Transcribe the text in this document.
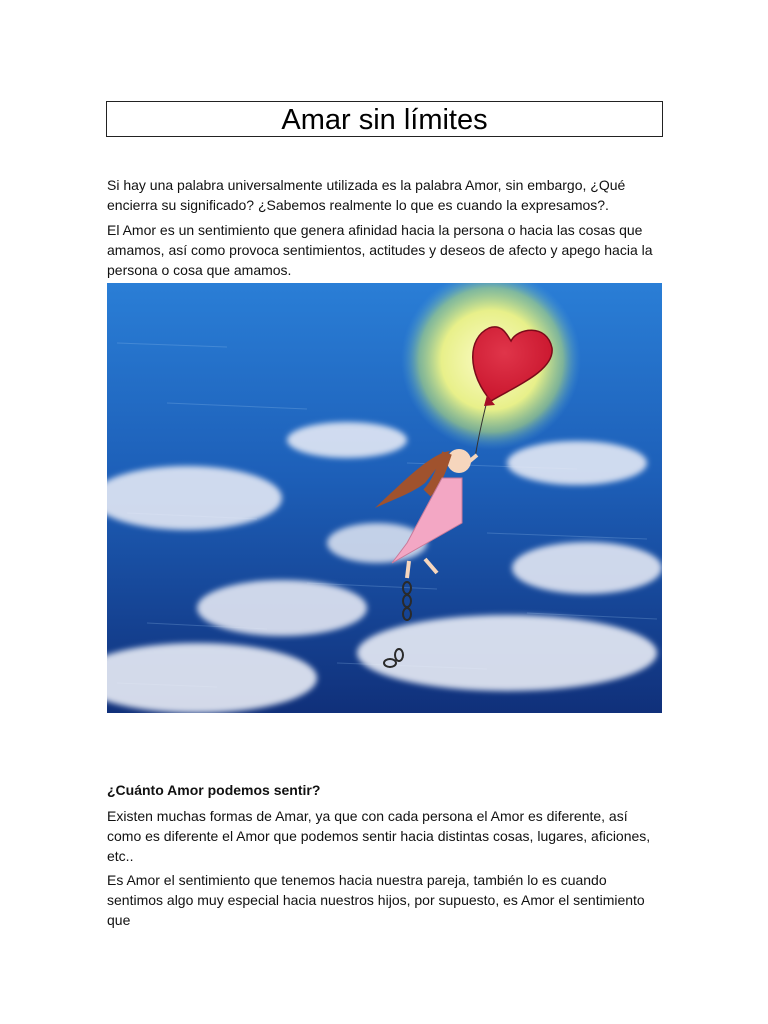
Amar sin límites

Si hay una palabra universalmente utilizada es la palabra Amor, sin embargo, ¿Qué encierra su significado? ¿Sabemos realmente lo que es cuando la expresamos?.

El Amor es un sentimiento que genera afinidad hacia la persona o hacia las cosas que amamos, así como provoca sentimientos, actitudes y deseos de afecto y apego hacia la persona o cosa que amamos.

¿Cuánto Amor podemos sentir?

Existen muchas formas de Amar, ya que con cada persona el Amor es diferente, así como es diferente el Amor que podemos sentir hacia distintas cosas, lugares, aficiones, etc..

Es Amor el sentimiento que tenemos hacia nuestra pareja, también lo es cuando sentimos algo muy especial hacia nuestros hijos, por supuesto, es Amor el sentimiento que
